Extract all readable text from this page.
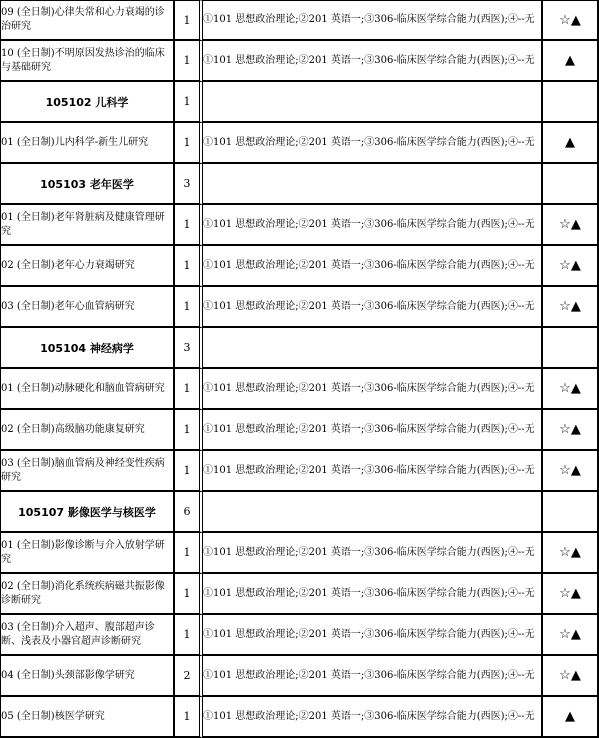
09 (全日制)心律失常和心力衰竭的诊治研究	1	①101 思想政治理论;②201 英语一;③306-临床医学综合能力(西医);④--无	☆▲

10 (全日制)不明原因发热诊治的临床与基础研究	1	①101 思想政治理论;②201 英语一;③306-临床医学综合能力(西医);④--无	▲
105102 儿科学	1		

01 (全日制)儿内科学-新生儿研究	1	①101 思想政治理论;②201 英语一;③306-临床医学综合能力(西医);④--无	▲
105103 老年医学	3		

01 (全日制)老年肾脏病及健康管理研究	1	①101 思想政治理论;②201 英语一;③306-临床医学综合能力(西医);④--无	☆▲

02 (全日制)老年心力衰竭研究	1	①101 思想政治理论;②201 英语一;③306-临床医学综合能力(西医);④--无	☆▲

03 (全日制)老年心血管病研究	1	①101 思想政治理论;②201 英语一;③306-临床医学综合能力(西医);④--无	☆▲
105104 神经病学	3		

01 (全日制)动脉硬化和脑血管病研究	1	①101 思想政治理论;②201 英语一;③306-临床医学综合能力(西医);④--无	☆▲

02 (全日制)高级脑功能康复研究	1	①101 思想政治理论;②201 英语一;③306-临床医学综合能力(西医);④--无	☆▲

03 (全日制)脑血管病及神经变性疾病研究	1	①101 思想政治理论;②201 英语一;③306-临床医学综合能力(西医);④--无	☆▲
105107 影像医学与核医学	6		

01 (全日制)影像诊断与介入放射学研究	1	①101 思想政治理论;②201 英语一;③306-临床医学综合能力(西医);④--无	☆▲

02 (全日制)消化系统疾病磁共振影像诊断研究	1	①101 思想政治理论;②201 英语一;③306-临床医学综合能力(西医);④--无	☆▲

03 (全日制)介入超声、腹部超声诊断、浅表及小器官超声诊断研究	1	①101 思想政治理论;②201 英语一;③306-临床医学综合能力(西医);④--无	☆▲

04 (全日制)头颈部影像学研究	2	①101 思想政治理论;②201 英语一;③306-临床医学综合能力(西医);④--无	☆▲

05 (全日制)核医学研究	1	①101 思想政治理论;②201 英语一;③306-临床医学综合能力(西医);④--无	▲
